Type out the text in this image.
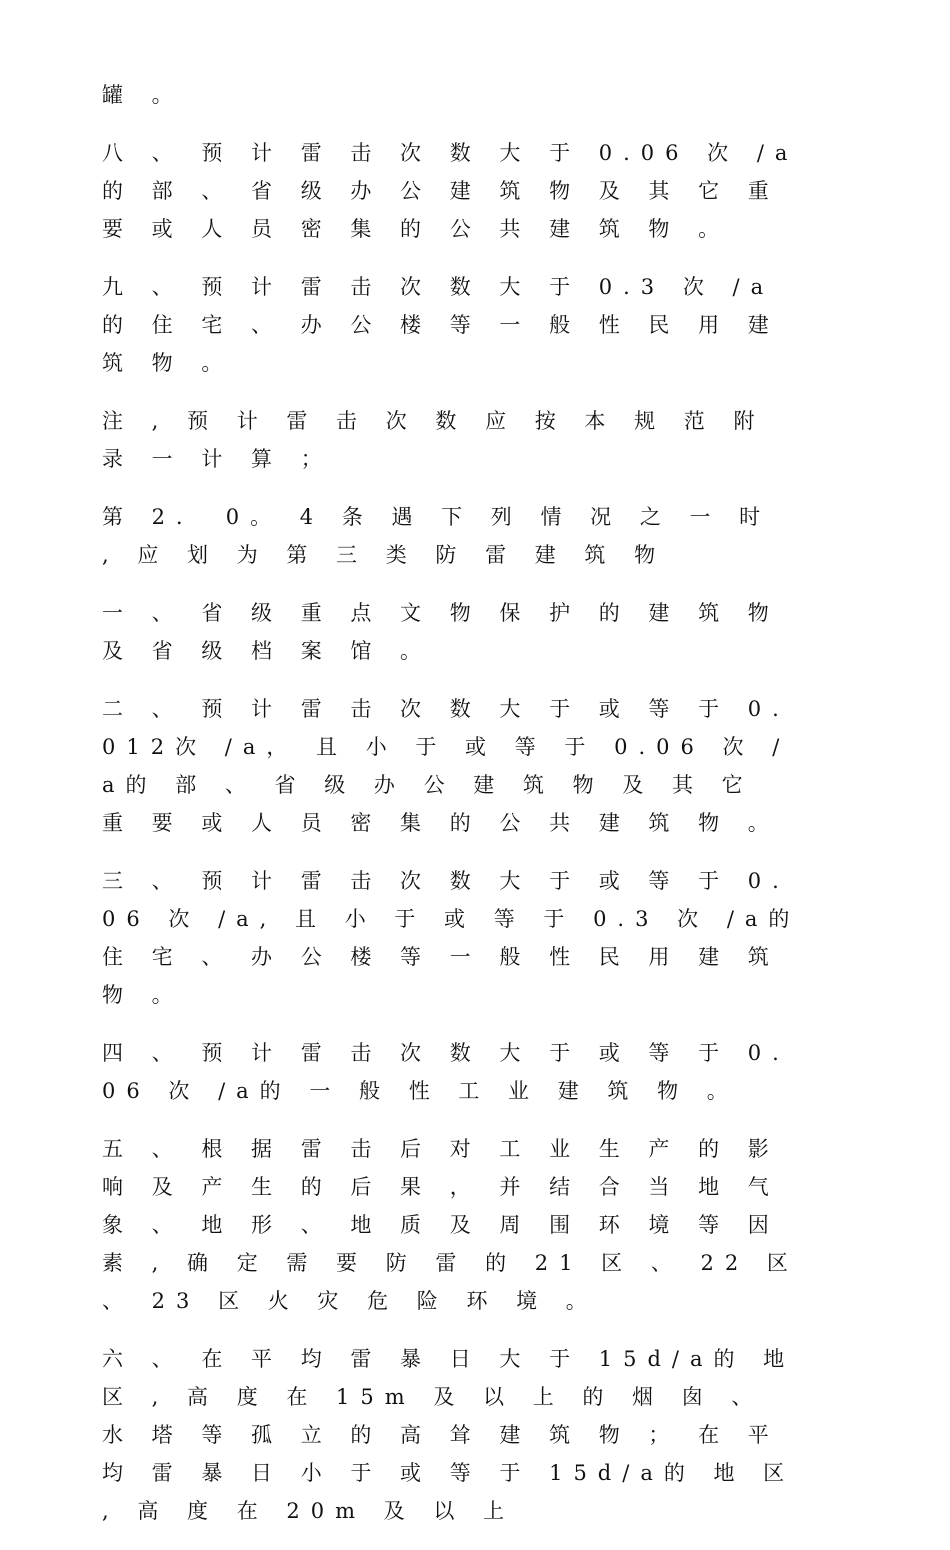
罐 。

八 、 预 计 雷 击 次 数 大 于 0.06 次 /a的 部 、 省 级 办 公 建 筑 物 及 其 它 重 要 或 人 员 密 集 的 公 共 建 筑 物 。

九 、 预 计 雷 击 次 数 大 于 0.3 次 /a的 住 宅 、 办 公 楼 等 一 般 性 民 用 建 筑 物 。

注 , 预 计 雷 击 次 数 应 按 本 规 范 附 录 一 计 算 ；

第 2． 0。 4 条 遇 下 列 情 况 之 一 时 , 应 划 为 第 三 类 防 雷 建 筑 物

一 、 省 级 重 点 文 物 保 护 的 建 筑 物 及 省 级 档 案 馆 。

二 、 预 计 雷 击 次 数 大 于 或 等 于 0.012次 /a， 且 小 于 或 等 于 0.06 次 /a的 部 、 省 级 办 公 建 筑 物 及 其 它 重 要 或 人 员 密 集 的 公 共 建 筑 物 。

三 、 预 计 雷 击 次 数 大 于 或 等 于 0.06 次 /a, 且 小 于 或 等 于 0.3 次 /a的 住 宅 、 办 公 楼 等 一 般 性 民 用 建 筑 物 。

四 、 预 计 雷 击 次 数 大 于 或 等 于 0.06 次 /a的 一 般 性 工 业 建 筑 物 。

五 、 根 据 雷 击 后 对 工 业 生 产 的 影 响 及 产 生 的 后 果 ， 并 结 合 当 地 气 象 、 地 形 、 地 质 及 周 围 环 境 等 因 素 , 确 定 需 要 防 雷 的 21 区 、 22 区 、 23 区 火 灾 危 险 环 境 。

六 、 在 平 均 雷 暴 日 大 于 15d/a的 地 区 , 高 度 在 15m 及 以 上 的 烟 囱 、 水 塔 等 孤 立 的 高 耸 建 筑 物 ； 在 平 均 雷 暴 日 小 于 或 等 于 15d/a的 地 区 , 高 度 在 20m 及 以 上
